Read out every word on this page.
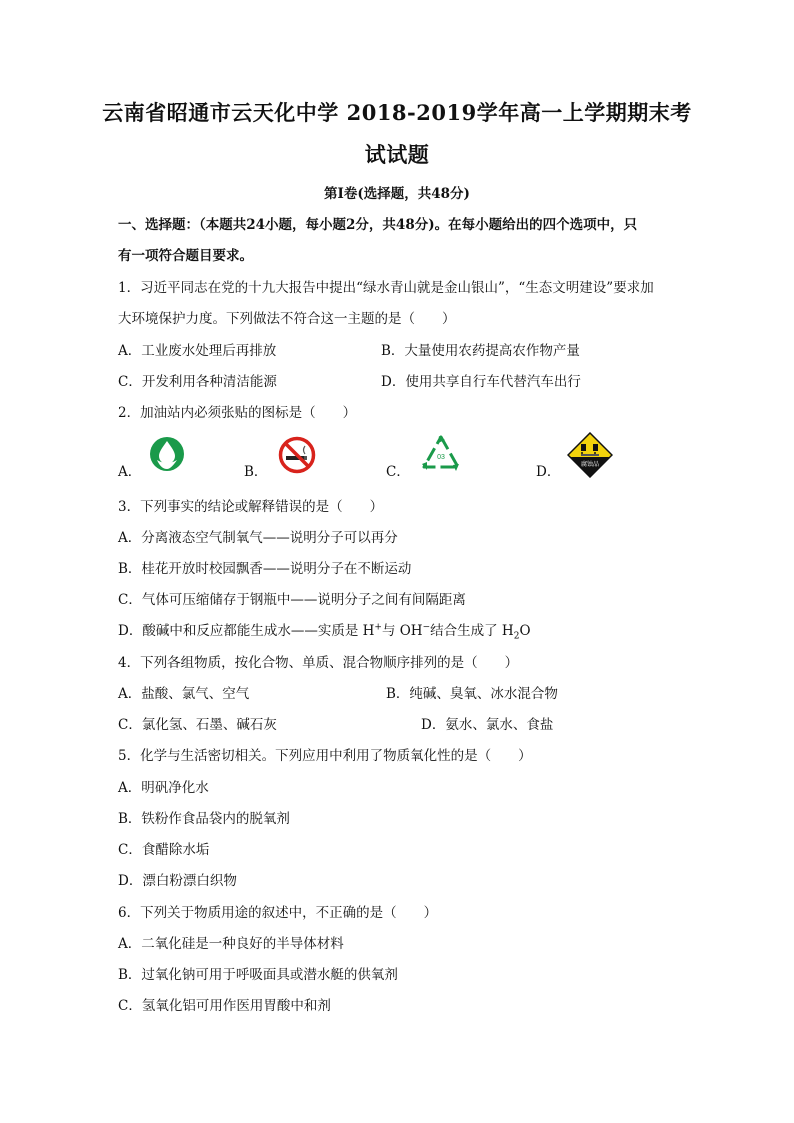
云南省昭通市云天化中学 2018-2019学年高一上学期期末考
试试题
第Ⅰ卷(选择题，共48分)
一、选择题：（本题共24小题，每小题2分，共48分)。在每小题给出的四个选项中，只
有一项符合题目要求。
1．习近平同志在党的十九大报告中提出“绿水青山就是金山银山”，“生态文明建设”要求加
大环境保护力度。下列做法不符合这一主题的是（　　）
A．工业废水处理后再排放	B．大量使用农药提高农作物产量
C．开发利用各种清洁能源	D．使用共享自行车代替汽车出行
2．加油站内必须张贴的图标是（　　）
A．	B．	C．
03
D．	腐蚀品
3．下列事实的结论或解释错误的是（　　）
A．分离液态空气制氧气——说明分子可以再分
B．桂花开放时校园飘香——说明分子在不断运动
C．气体可压缩储存于钢瓶中——说明分子之间有间隔距离
D．酸碱中和反应都能生成水——实质是 H+与 OH−结合生成了 $H_2O$
4．下列各组物质，按化合物、单质、混合物顺序排列的是（　　）
A．盐酸、氯气、空气	B．纯碱、臭氧、冰水混合物
C．氯化氢、石墨、碱石灰	D．氨水、氯水、食盐
5．化学与生活密切相关。下列应用中利用了物质氧化性的是（　　）
A．明矾净化水
B．铁粉作食品袋内的脱氧剂
C．食醋除水垢
D．漂白粉漂白织物
6．下列关于物质用途的叙述中，不正确的是（　　）
A．二氧化硅是一种良好的半导体材料
B．过氧化钠可用于呼吸面具或潜水艇的供氧剂
C．氢氧化铝可用作医用胃酸中和剂
